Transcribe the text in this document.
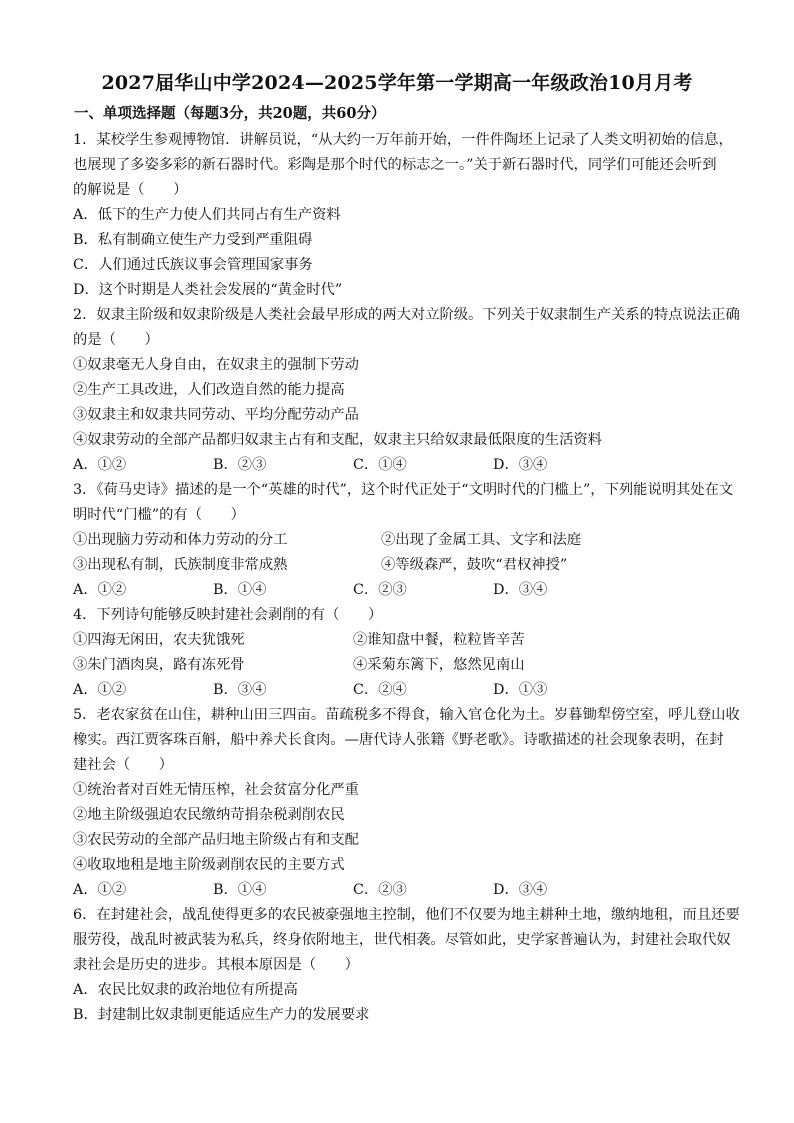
2027届华山中学2024—2025学年第一学期高一年级政治10月月考
一、单项选择题（每题3分，共20题，共60分）
1．某校学生参观博物馆．讲解员说，“从大约一万年前开始，一件件陶坯上记录了人类文明初始的信息，
也展现了多姿多彩的新石器时代。彩陶是那个时代的标志之一。”关于新石器时代，同学们可能还会听到
的解说是（　　）
A．低下的生产力使人们共同占有生产资料
B．私有制确立使生产力受到严重阻碍
C．人们通过氏族议事会管理国家事务
D．这个时期是人类社会发展的“黄金时代”
2．奴隶主阶级和奴隶阶级是人类社会最早形成的两大对立阶级。下列关于奴隶制生产关系的特点说法正确
的是（　　）
①奴隶毫无人身自由，在奴隶主的强制下劳动
②生产工具改进，人们改造自然的能力提高
③奴隶主和奴隶共同劳动、平均分配劳动产品
④奴隶劳动的全部产品都归奴隶主占有和支配，奴隶主只给奴隶最低限度的生活资料
A．①②	B．②③	C．①④	D．③④
3．《荷马史诗》描述的是一个“英雄的时代”，这个时代正处于“文明时代的门槛上”，下列能说明其处在文
明时代“门槛”的有（　　）
①出现脑力劳动和体力劳动的分工	②出现了金属工具、文字和法庭
③出现私有制，氏族制度非常成熟	④等级森严，鼓吹“君权神授”
A．①②	B．①④	C．②③	D．③④
4．下列诗句能够反映封建社会剥削的有（　　）
①四海无闲田，农夫犹饿死	②谁知盘中餐，粒粒皆辛苦
③朱门酒肉臭，路有冻死骨	④采菊东篱下，悠然见南山
A．①②	B．③④	C．②④	D．①③
5．老农家贫在山住，耕种山田三四亩。苗疏税多不得食，输入官仓化为土。岁暮锄犁傍空室，呼儿登山收
橡实。西江贾客珠百斛，船中养犬长食肉。—唐代诗人张籍《野老歌》。诗歌描述的社会现象表明，在封
建社会（　　）
①统治者对百姓无情压榨，社会贫富分化严重
②地主阶级强迫农民缴纳苛捐杂税剥削农民
③农民劳动的全部产品归地主阶级占有和支配
④收取地租是地主阶级剥削农民的主要方式
A．①②	B．①④	C．②③	D．③④
6．在封建社会，战乱使得更多的农民被豪强地主控制，他们不仅要为地主耕种土地，缴纳地租，而且还要
服劳役，战乱时被武装为私兵，终身依附地主，世代相袭。尽管如此，史学家普遍认为，封建社会取代奴
隶社会是历史的进步。其根本原因是（　　）
A．农民比奴隶的政治地位有所提高
B．封建制比奴隶制更能适应生产力的发展要求
